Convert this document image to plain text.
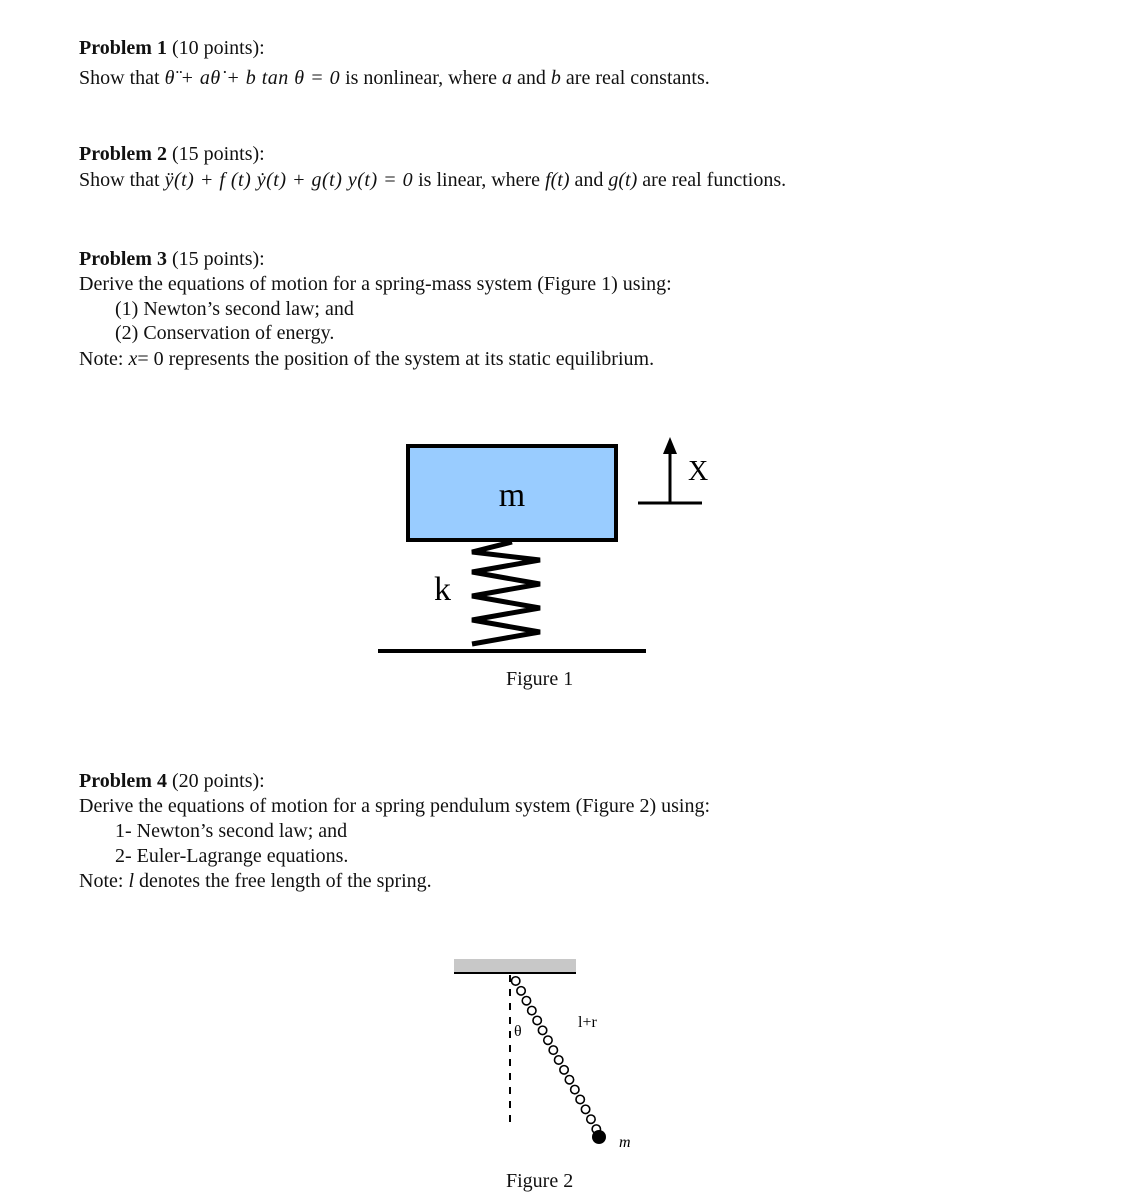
Problem 1 (10 points):
Show that θ̈ + aθ̇ + b tan θ = 0 is nonlinear, where a and b are real constants.
Problem 2 (15 points):
Show that ÿ(t) + f (t) ẏ(t) + g(t) y(t) = 0 is linear, where f(t) and g(t) are real functions.
Problem 3 (15 points):
Derive the equations of motion for a spring-mass system (Figure 1) using:
(1) Newton’s second law; and
(2) Conservation of energy.
Note: x= 0 represents the position of the system at its static equilibrium.
m
k
X
Figure 1
Problem 4 (20 points):
Derive the equations of motion for a spring pendulum system (Figure 2) using:
1- Newton’s second law; and
2- Euler-Lagrange equations.
Note: l denotes the free length of the spring.
θ
l+r
m
Figure 2
